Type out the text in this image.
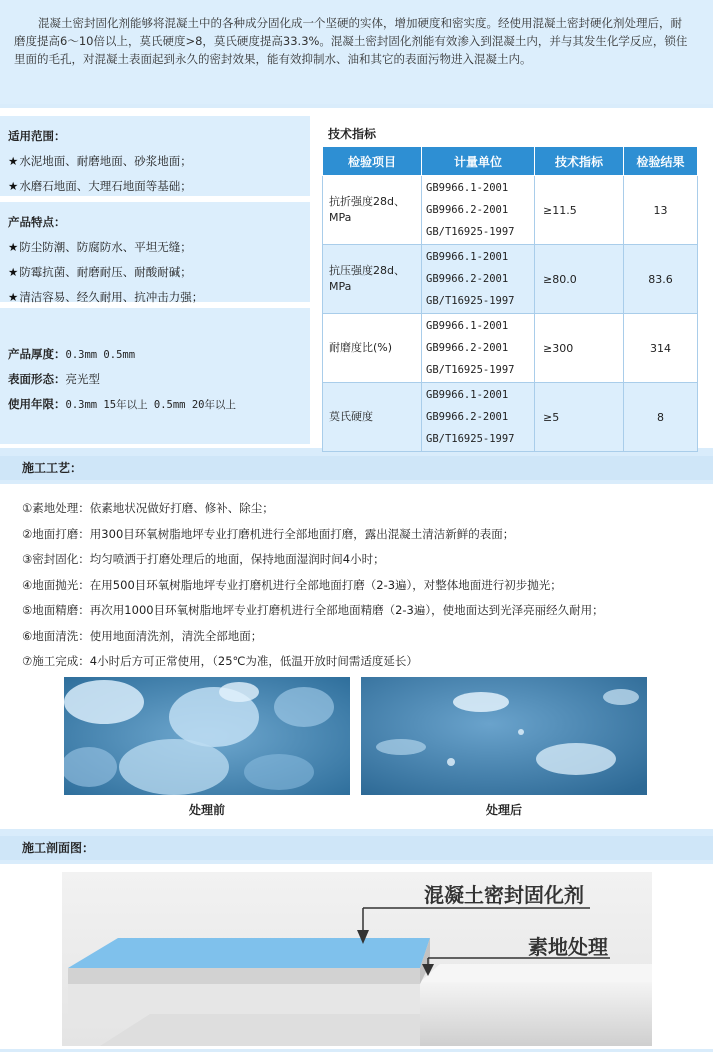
混凝土密封固化剂能够将混凝土中的各种成分固化成一个坚硬的实体，增加硬度和密实度。经使用混凝土密封硬化剂处理后，耐磨度提高6～10倍以上，莫氏硬度>8，莫氏硬度提高33.3%。混凝土密封固化剂能有效渗入到混凝土内，并与其发生化学反应，锁住里面的毛孔，对混凝土表面起到永久的密封效果，能有效抑制水、油和其它的表面污物进入混凝土内。
适用范围：
★水泥地面、耐磨地面、砂浆地面；
★水磨石地面、大理石地面等基础；
产品特点：
★防尘防潮、防腐防水、平坦无缝；
★防霉抗菌、耐磨耐压、耐酸耐碱；
★清洁容易、经久耐用、抗冲击力强；
产品厚度：0.3mm 0.5mm
表面形态：亮光型
使用年限：0.3mm 15年以上 0.5mm 20年以上
技术指标
检验项目	计量单位	技术指标	检验结果
抗折强度28d、MPa	GB9966.1-2001
GB9966.2-2001
GB/T16925-1997	≥11.5	13
抗压强度28d、MPa	GB9966.1-2001
GB9966.2-2001
GB/T16925-1997	≥80.0	83.6
耐磨度比(%)	GB9966.1-2001
GB9966.2-2001
GB/T16925-1997	≥300	314
莫氏硬度	GB9966.1-2001
GB9966.2-2001
GB/T16925-1997	≥5	8
施工工艺：
①素地处理：依素地状况做好打磨、修补、除尘；
②地面打磨：用300目环氧树脂地坪专业打磨机进行全部地面打磨，露出混凝土清洁新鲜的表面；
③密封固化：均匀喷洒于打磨处理后的地面，保持地面湿润时间4小时；
④地面抛光：在用500目环氧树脂地坪专业打磨机进行全部地面打磨（2-3遍），对整体地面进行初步抛光；
⑤地面精磨：再次用1000目环氧树脂地坪专业打磨机进行全部地面精磨（2-3遍），使地面达到光泽亮丽经久耐用；
⑥地面清洗：使用地面清洗剂，清洗全部地面；
⑦施工完成：4小时后方可正常使用，（25℃为准，低温开放时间需适度延长）
处理前	处理后
施工剖面图：
混凝土密封固化剂
素地处理
